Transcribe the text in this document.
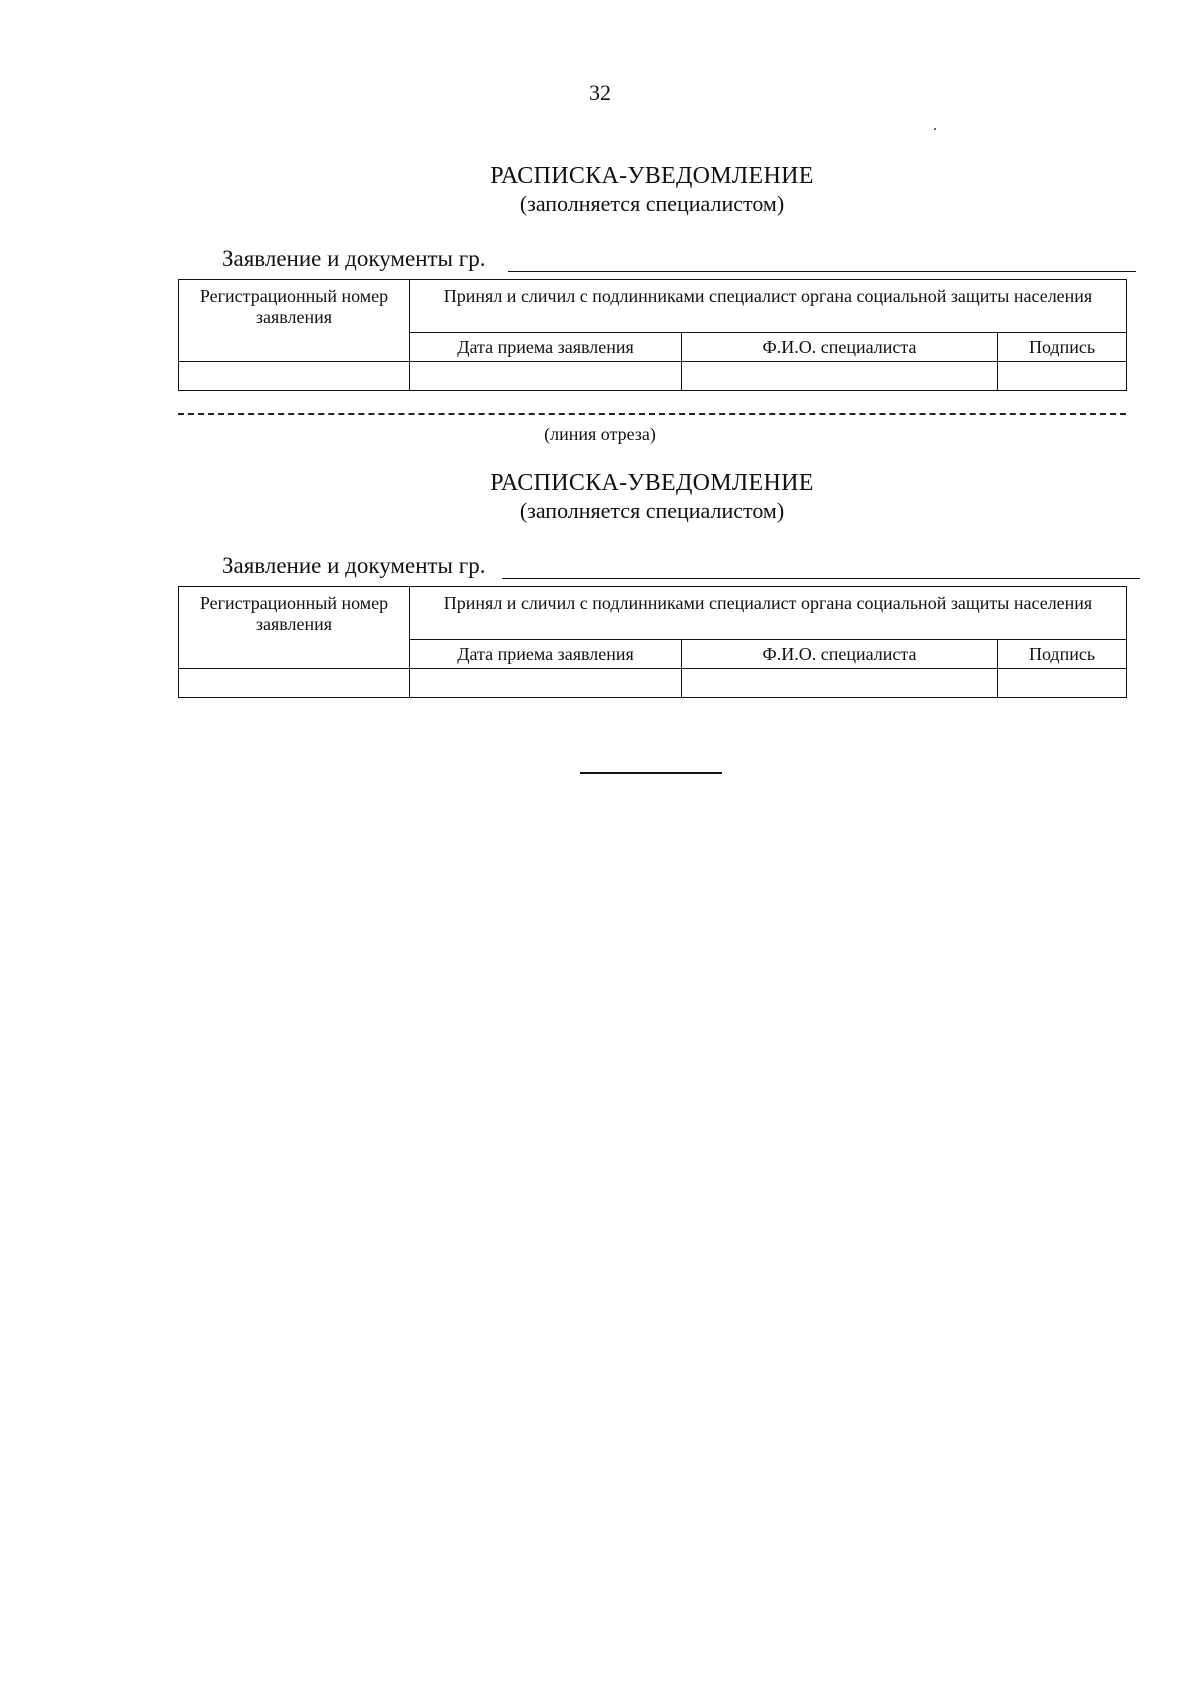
32
РАСПИСКА-УВЕДОМЛЕНИЕ
(заполняется специалистом)
Заявление и документы гр.
Регистрационный номер заявления	Принял и сличил с подлинниками специалист органа социальной защиты населения		
	Дата приема заявления	Ф.И.О. специалиста	Подпись

(линия отреза)
РАСПИСКА-УВЕДОМЛЕНИЕ
(заполняется специалистом)
Заявление и документы гр.
Регистрационный номер заявления	Принял и сличил с подлинниками специалист органа социальной защиты населения		
	Дата приема заявления	Ф.И.О. специалиста	Подпись
